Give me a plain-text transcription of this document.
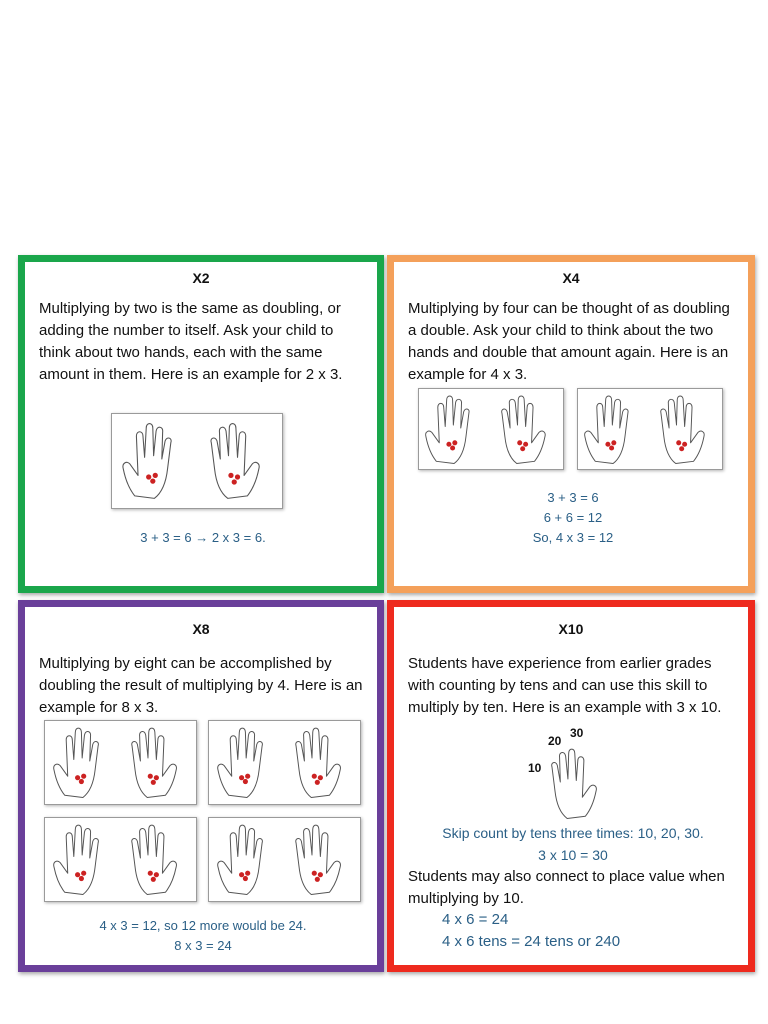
X2
Multiplying by two is the same as doubling, or adding the number to itself. Ask your child to think about two hands, each with the same amount in them. Here is an example for 2 x 3.
3 + 3 = 6 → 2 x 3 = 6.
X4
Multiplying by four can be thought of as doubling a double. Ask your child to think about the two hands and double that amount again. Here is an example for 4 x 3.
3 + 3 = 6
6 + 6 = 12
So, 4 x 3 = 12
X8
Multiplying by eight can be accomplished by doubling the result of multiplying by 4. Here is an example for 8 x 3.
4 x 3 = 12, so 12 more would be 24.
8 x 3 = 24
X10
Students have experience from earlier grades with counting by tens and can use this skill to multiply by ten. Here is an example with 3 x 10.
10
20
30
Skip count by tens three times: 10, 20, 30.
3 x 10 = 30
Students may also connect to place value when multiplying by 10.
4 x 6 = 24
4 x 6 tens = 24 tens or 240
